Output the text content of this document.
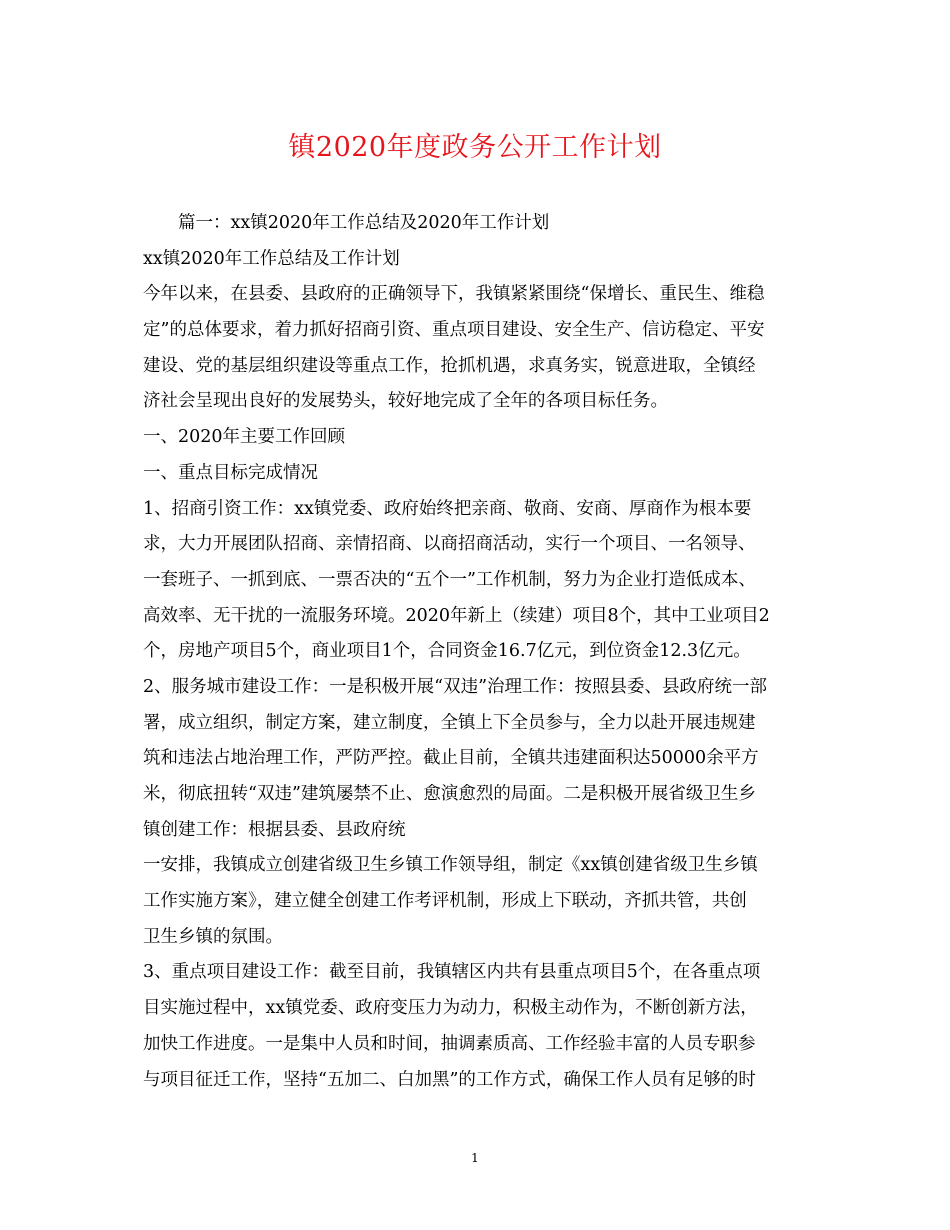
镇2020年度政务公开工作计划
篇一：xx镇2020年工作总结及2020年工作计划
xx镇2020年工作总结及工作计划
今年以来，在县委、县政府的正确领导下，我镇紧紧围绕“保增长、重民生、维稳
定”的总体要求，着力抓好招商引资、重点项目建设、安全生产、信访稳定、平安
建设、党的基层组织建设等重点工作，抢抓机遇，求真务实，锐意进取，全镇经
济社会呈现出良好的发展势头，较好地完成了全年的各项目标任务。
一、2020年主要工作回顾
一、重点目标完成情况
1、招商引资工作：xx镇党委、政府始终把亲商、敬商、安商、厚商作为根本要
求，大力开展团队招商、亲情招商、以商招商活动，实行一个项目、一名领导、
一套班子、一抓到底、一票否决的“五个一”工作机制，努力为企业打造低成本、
高效率、无干扰的一流服务环境。2020年新上（续建）项目8个，其中工业项目2
个，房地产项目5个，商业项目1个，合同资金16.7亿元，到位资金12.3亿元。
2、服务城市建设工作：一是积极开展“双违”治理工作：按照县委、县政府统一部
署，成立组织，制定方案，建立制度，全镇上下全员参与，全力以赴开展违规建
筑和违法占地治理工作，严防严控。截止目前，全镇共违建面积达50000余平方
米，彻底扭转“双违”建筑屡禁不止、愈演愈烈的局面。二是积极开展省级卫生乡
镇创建工作：根据县委、县政府统
一安排，我镇成立创建省级卫生乡镇工作领导组，制定《xx镇创建省级卫生乡镇
工作实施方案》，建立健全创建工作考评机制，形成上下联动，齐抓共管，共创
卫生乡镇的氛围。
3、重点项目建设工作：截至目前，我镇辖区内共有县重点项目5个，在各重点项
目实施过程中，xx镇党委、政府变压力为动力，积极主动作为，不断创新方法，
加快工作进度。一是集中人员和时间，抽调素质高、工作经验丰富的人员专职参
与项目征迁工作，坚持“五加二、白加黑”的工作方式，确保工作人员有足够的时
1
